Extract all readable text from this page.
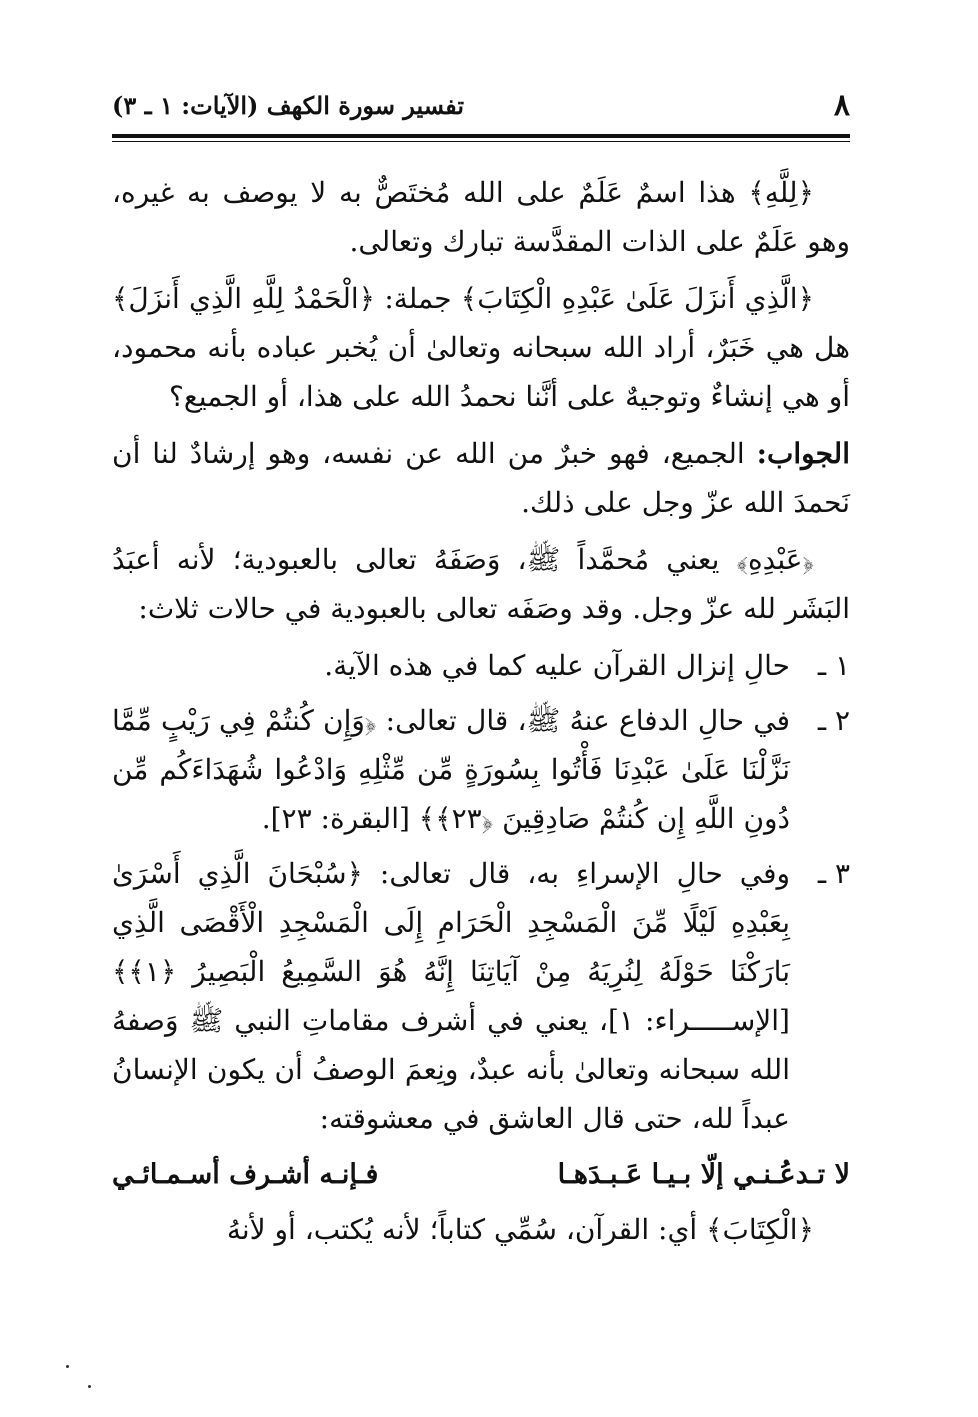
٨
تفسير سورة الكهف (الآيات: ١ ـ ٣)

﴿لِلَّهِ﴾ هذا اسمٌ عَلَمٌ على الله مُختَصٌّ به لا يوصف به غيره، وهو عَلَمٌ على الذات المقدَّسة تبارك وتعالى.

﴿الَّذِي أَنزَلَ عَلَىٰ عَبْدِهِ الْكِتَابَ﴾ جملة: ﴿الْحَمْدُ لِلَّهِ الَّذِي أَنزَلَ﴾ هل هي خَبَرٌ، أراد الله سبحانه وتعالىٰ أن يُخبر عباده بأنه محمود، أو هي إنشاءٌ وتوجيهٌ على أنَّنا نحمدُ الله على هذا، أو الجميع؟

الجواب: الجميع، فهو خبرٌ من الله عن نفسه، وهو إرشادٌ لنا أن نَحمدَ الله عزّ وجل على ذلك.

﴿عَبْدِهِ﴾ يعني مُحمَّداً ﷺ، وَصَفَهُ تعالى بالعبودية؛ لأنه أعبَدُ البَشَر لله عزّ وجل. وقد وصَفَه تعالى بالعبودية في حالات ثلاث:

١ ـ
حالِ إنزال القرآن عليه كما في هذه الآية.
٢ ـ
في حالِ الدفاع عنهُ ﷺ، قال تعالى: ﴿وَإِن كُنتُمْ فِي رَيْبٍ مِّمَّا نَزَّلْنَا عَلَىٰ عَبْدِنَا فَأْتُوا بِسُورَةٍ مِّن مِّثْلِهِ وَادْعُوا شُهَدَاءَكُم مِّن دُونِ اللَّهِ إِن كُنتُمْ صَادِقِينَ ﴿٢٣﴾﴾ [البقرة: ٢٣].
٣ ـ
وفي حالِ الإسراءِ به، قال تعالى: ﴿سُبْحَانَ الَّذِي أَسْرَىٰ بِعَبْدِهِ لَيْلًا مِّنَ الْمَسْجِدِ الْحَرَامِ إِلَى الْمَسْجِدِ الْأَقْصَى الَّذِي بَارَكْنَا حَوْلَهُ لِنُرِيَهُ مِنْ آيَاتِنَا إِنَّهُ هُوَ السَّمِيعُ الْبَصِيرُ ﴿١﴾﴾ [الإســـــراء: ١]، يعني في أشرف مقاماتِ النبي ﷺ وَصفهُ الله سبحانه وتعالىٰ بأنه عبدٌ، ونِعمَ الوصفُ أن يكون الإنسانُ عبداً لله، حتى قال العاشق في معشوقته:
لا تـدعُـنـي إلّا بـيـا عَـبـدَهـا
فـإنـه أشـرف أسـمـائـي

﴿الْكِتَابَ﴾ أي: القرآن، سُمِّي كتاباً؛ لأنه يُكتب، أو لأنهُ
